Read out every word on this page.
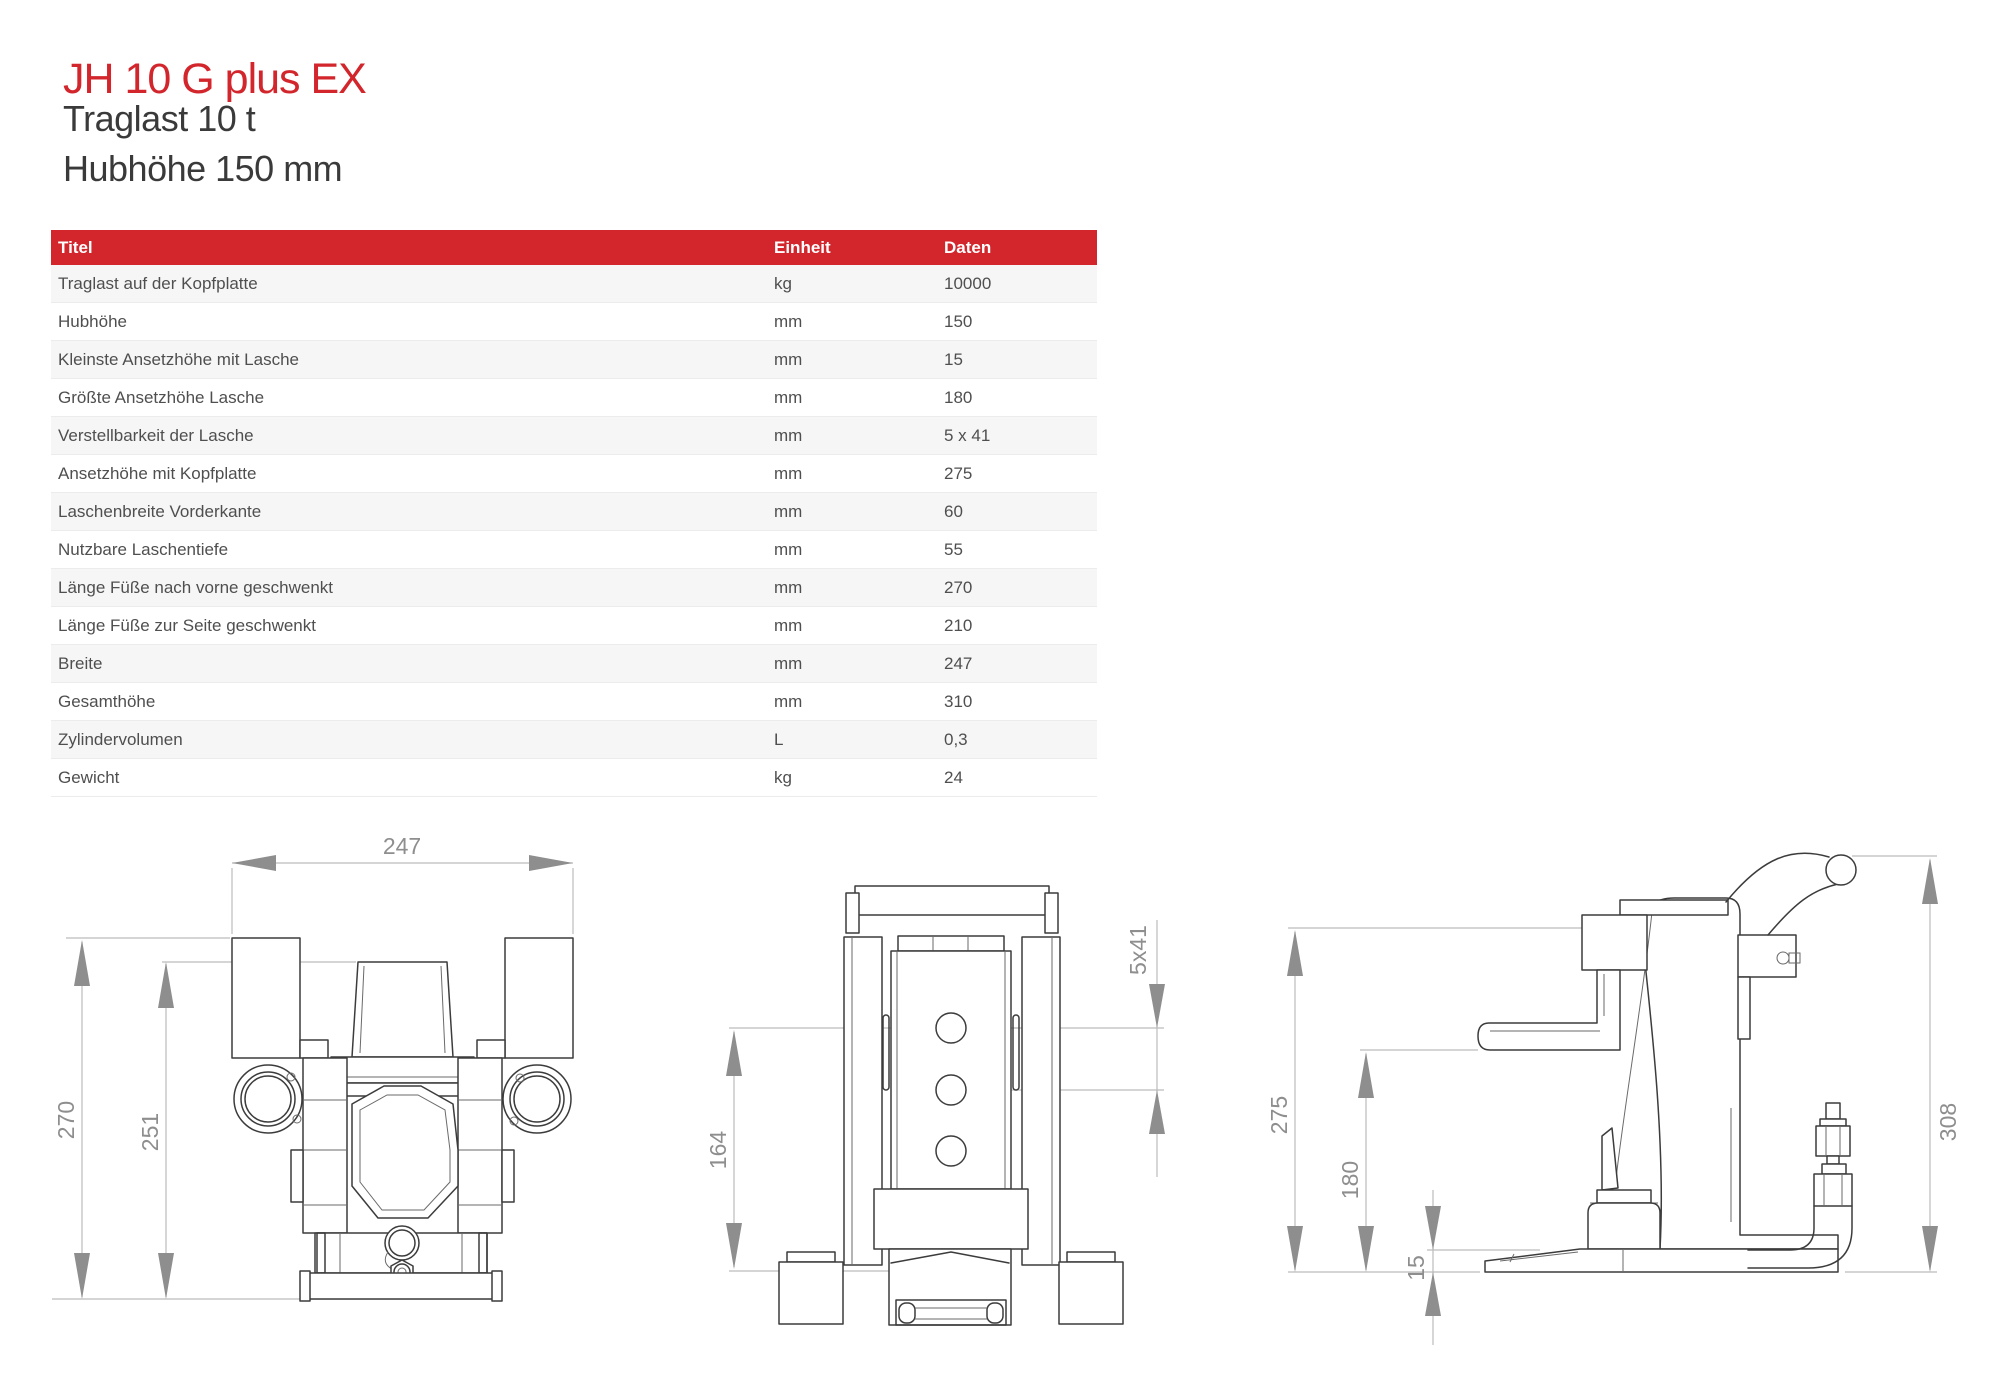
JH 10 G plus EX
Traglast 10 t
Hubhöhe 150 mm
Titel	Einheit	Daten
Traglast auf der Kopfplatte	kg	10000
Hubhöhe	mm	150
Kleinste Ansetzhöhe mit Lasche	mm	15
Größte Ansetzhöhe Lasche	mm	180
Verstellbarkeit der Lasche	mm	5 x 41
Ansetzhöhe mit Kopfplatte	mm	275
Laschenbreite Vorderkante	mm	60
Nutzbare Laschentiefe	mm	55
Länge Füße nach vorne geschwenkt	mm	270
Länge Füße zur Seite geschwenkt	mm	210
Breite	mm	247
Gesamthöhe	mm	310
Zylindervolumen	L	0,3
Gewicht	kg	24
247
270	251	164
5x41
275
180
15
308
